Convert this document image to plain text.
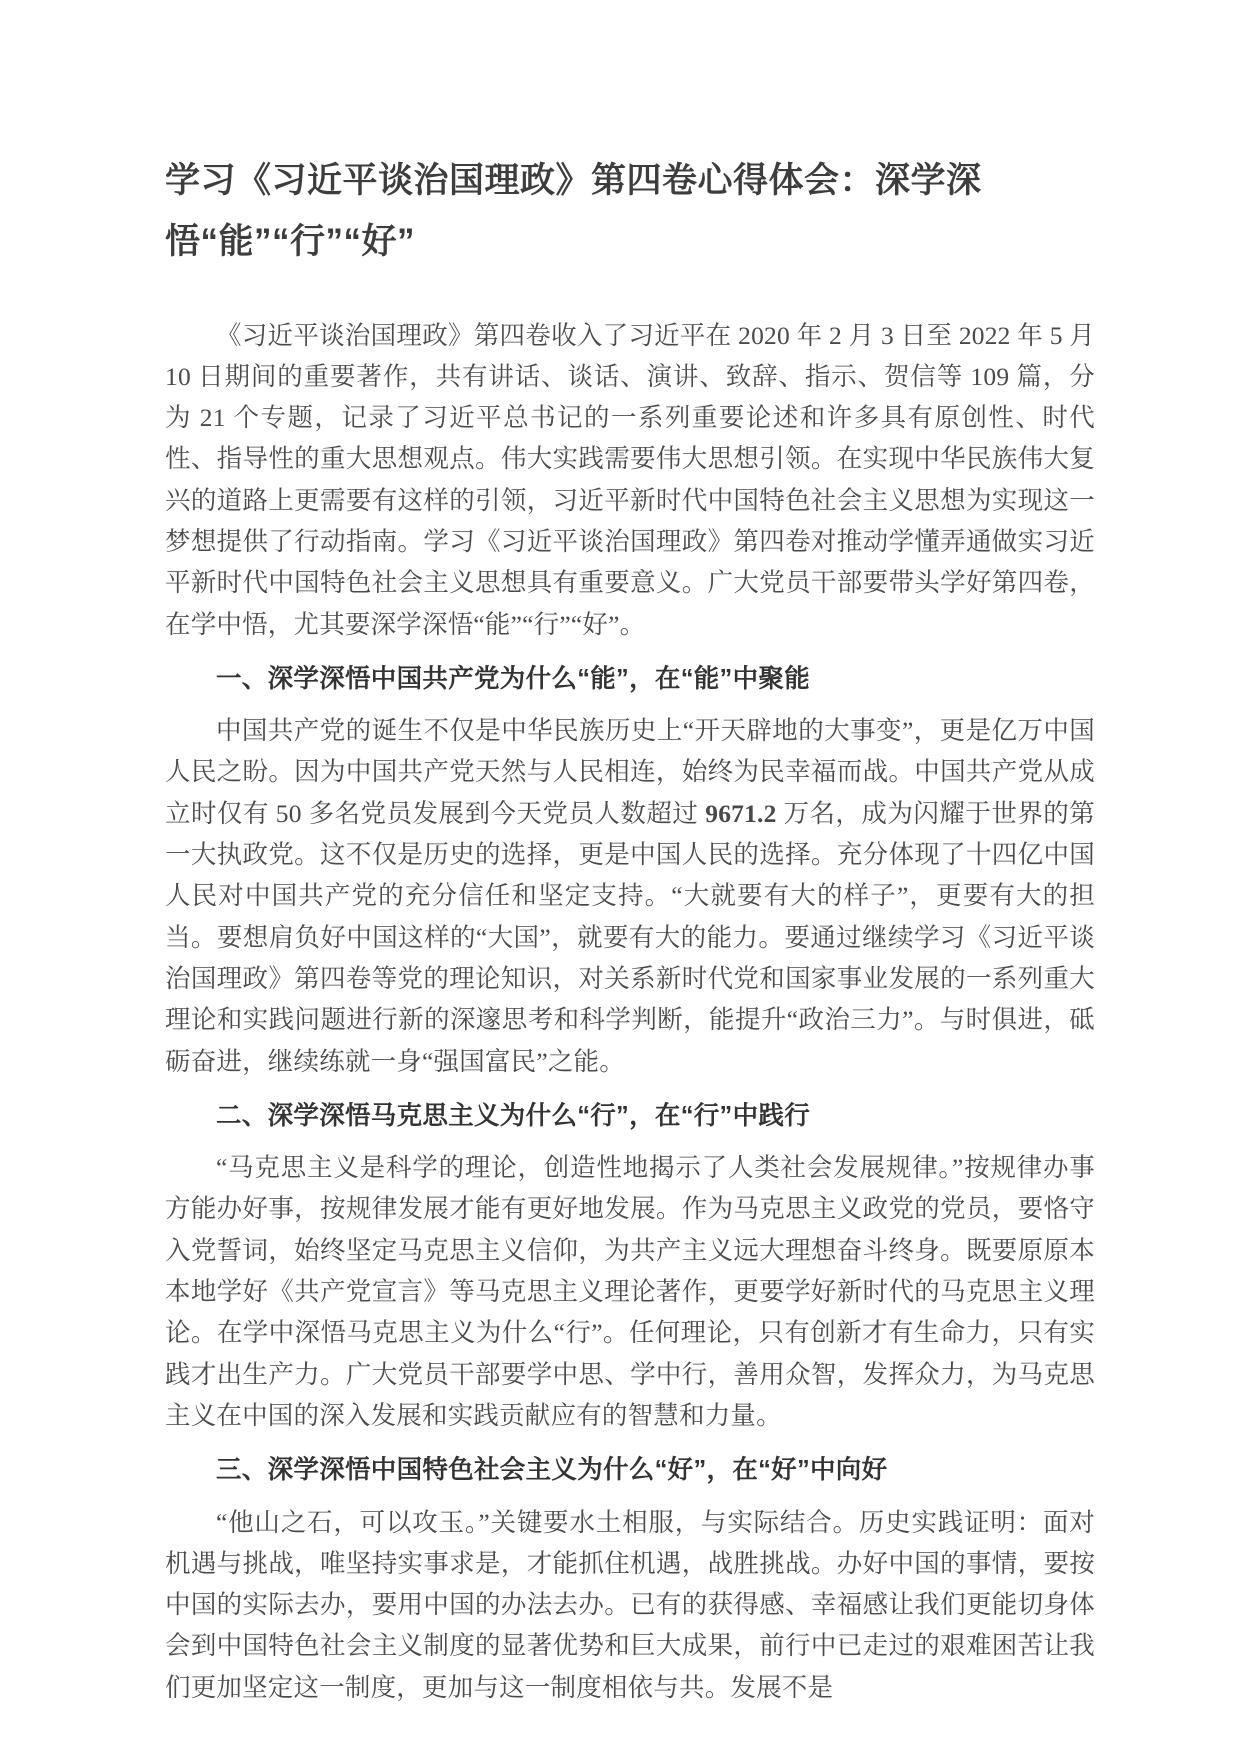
学习《习近平谈治国理政》第四卷心得体会：深学深悟“能”“行”“好”

《习近平谈治国理政》第四卷收入了习近平在 2020 年 2 月 3 日至 2022 年 5 月 10 日期间的重要著作，共有讲话、谈话、演讲、致辞、指示、贺信等 109 篇，分为 21 个专题，记录了习近平总书记的一系列重要论述和许多具有原创性、时代性、指导性的重大思想观点。伟大实践需要伟大思想引领。在实现中华民族伟大复兴的道路上更需要有这样的引领，习近平新时代中国特色社会主义思想为实现这一梦想提供了行动指南。学习《习近平谈治国理政》第四卷对推动学懂弄通做实习近平新时代中国特色社会主义思想具有重要意义。广大党员干部要带头学好第四卷，在学中悟，尤其要深学深悟“能”“行”“好”。

一、深学深悟中国共产党为什么“能”，在“能”中聚能

中国共产党的诞生不仅是中华民族历史上“开天辟地的大事变”，更是亿万中国人民之盼。因为中国共产党天然与人民相连，始终为民幸福而战。中国共产党从成立时仅有 50 多名党员发展到今天党员人数超过 9671.2 万名，成为闪耀于世界的第一大执政党。这不仅是历史的选择，更是中国人民的选择。充分体现了十四亿中国人民对中国共产党的充分信任和坚定支持。“大就要有大的样子”，更要有大的担当。要想肩负好中国这样的“大国”，就要有大的能力。要通过继续学习《习近平谈治国理政》第四卷等党的理论知识，对关系新时代党和国家事业发展的一系列重大理论和实践问题进行新的深邃思考和科学判断，能提升“政治三力”。与时俱进，砥砺奋进，继续练就一身“强国富民”之能。

二、深学深悟马克思主义为什么“行”，在“行”中践行

“马克思主义是科学的理论，创造性地揭示了人类社会发展规律。”按规律办事方能办好事，按规律发展才能有更好地发展。作为马克思主义政党的党员，要恪守入党誓词，始终坚定马克思主义信仰，为共产主义远大理想奋斗终身。既要原原本本地学好《共产党宣言》等马克思主义理论著作，更要学好新时代的马克思主义理论。在学中深悟马克思主义为什么“行”。任何理论，只有创新才有生命力，只有实践才出生产力。广大党员干部要学中思、学中行，善用众智，发挥众力，为马克思主义在中国的深入发展和实践贡献应有的智慧和力量。

三、深学深悟中国特色社会主义为什么“好”，在“好”中向好

“他山之石，可以攻玉。”关键要水土相服，与实际结合。历史实践证明：面对机遇与挑战，唯坚持实事求是，才能抓住机遇，战胜挑战。办好中国的事情，要按中国的实际去办，要用中国的办法去办。已有的获得感、幸福感让我们更能切身体会到中国特色社会主义制度的显著优势和巨大成果，前行中已走过的艰难困苦让我们更加坚定这一制度，更加与这一制度相依与共。发展不是
